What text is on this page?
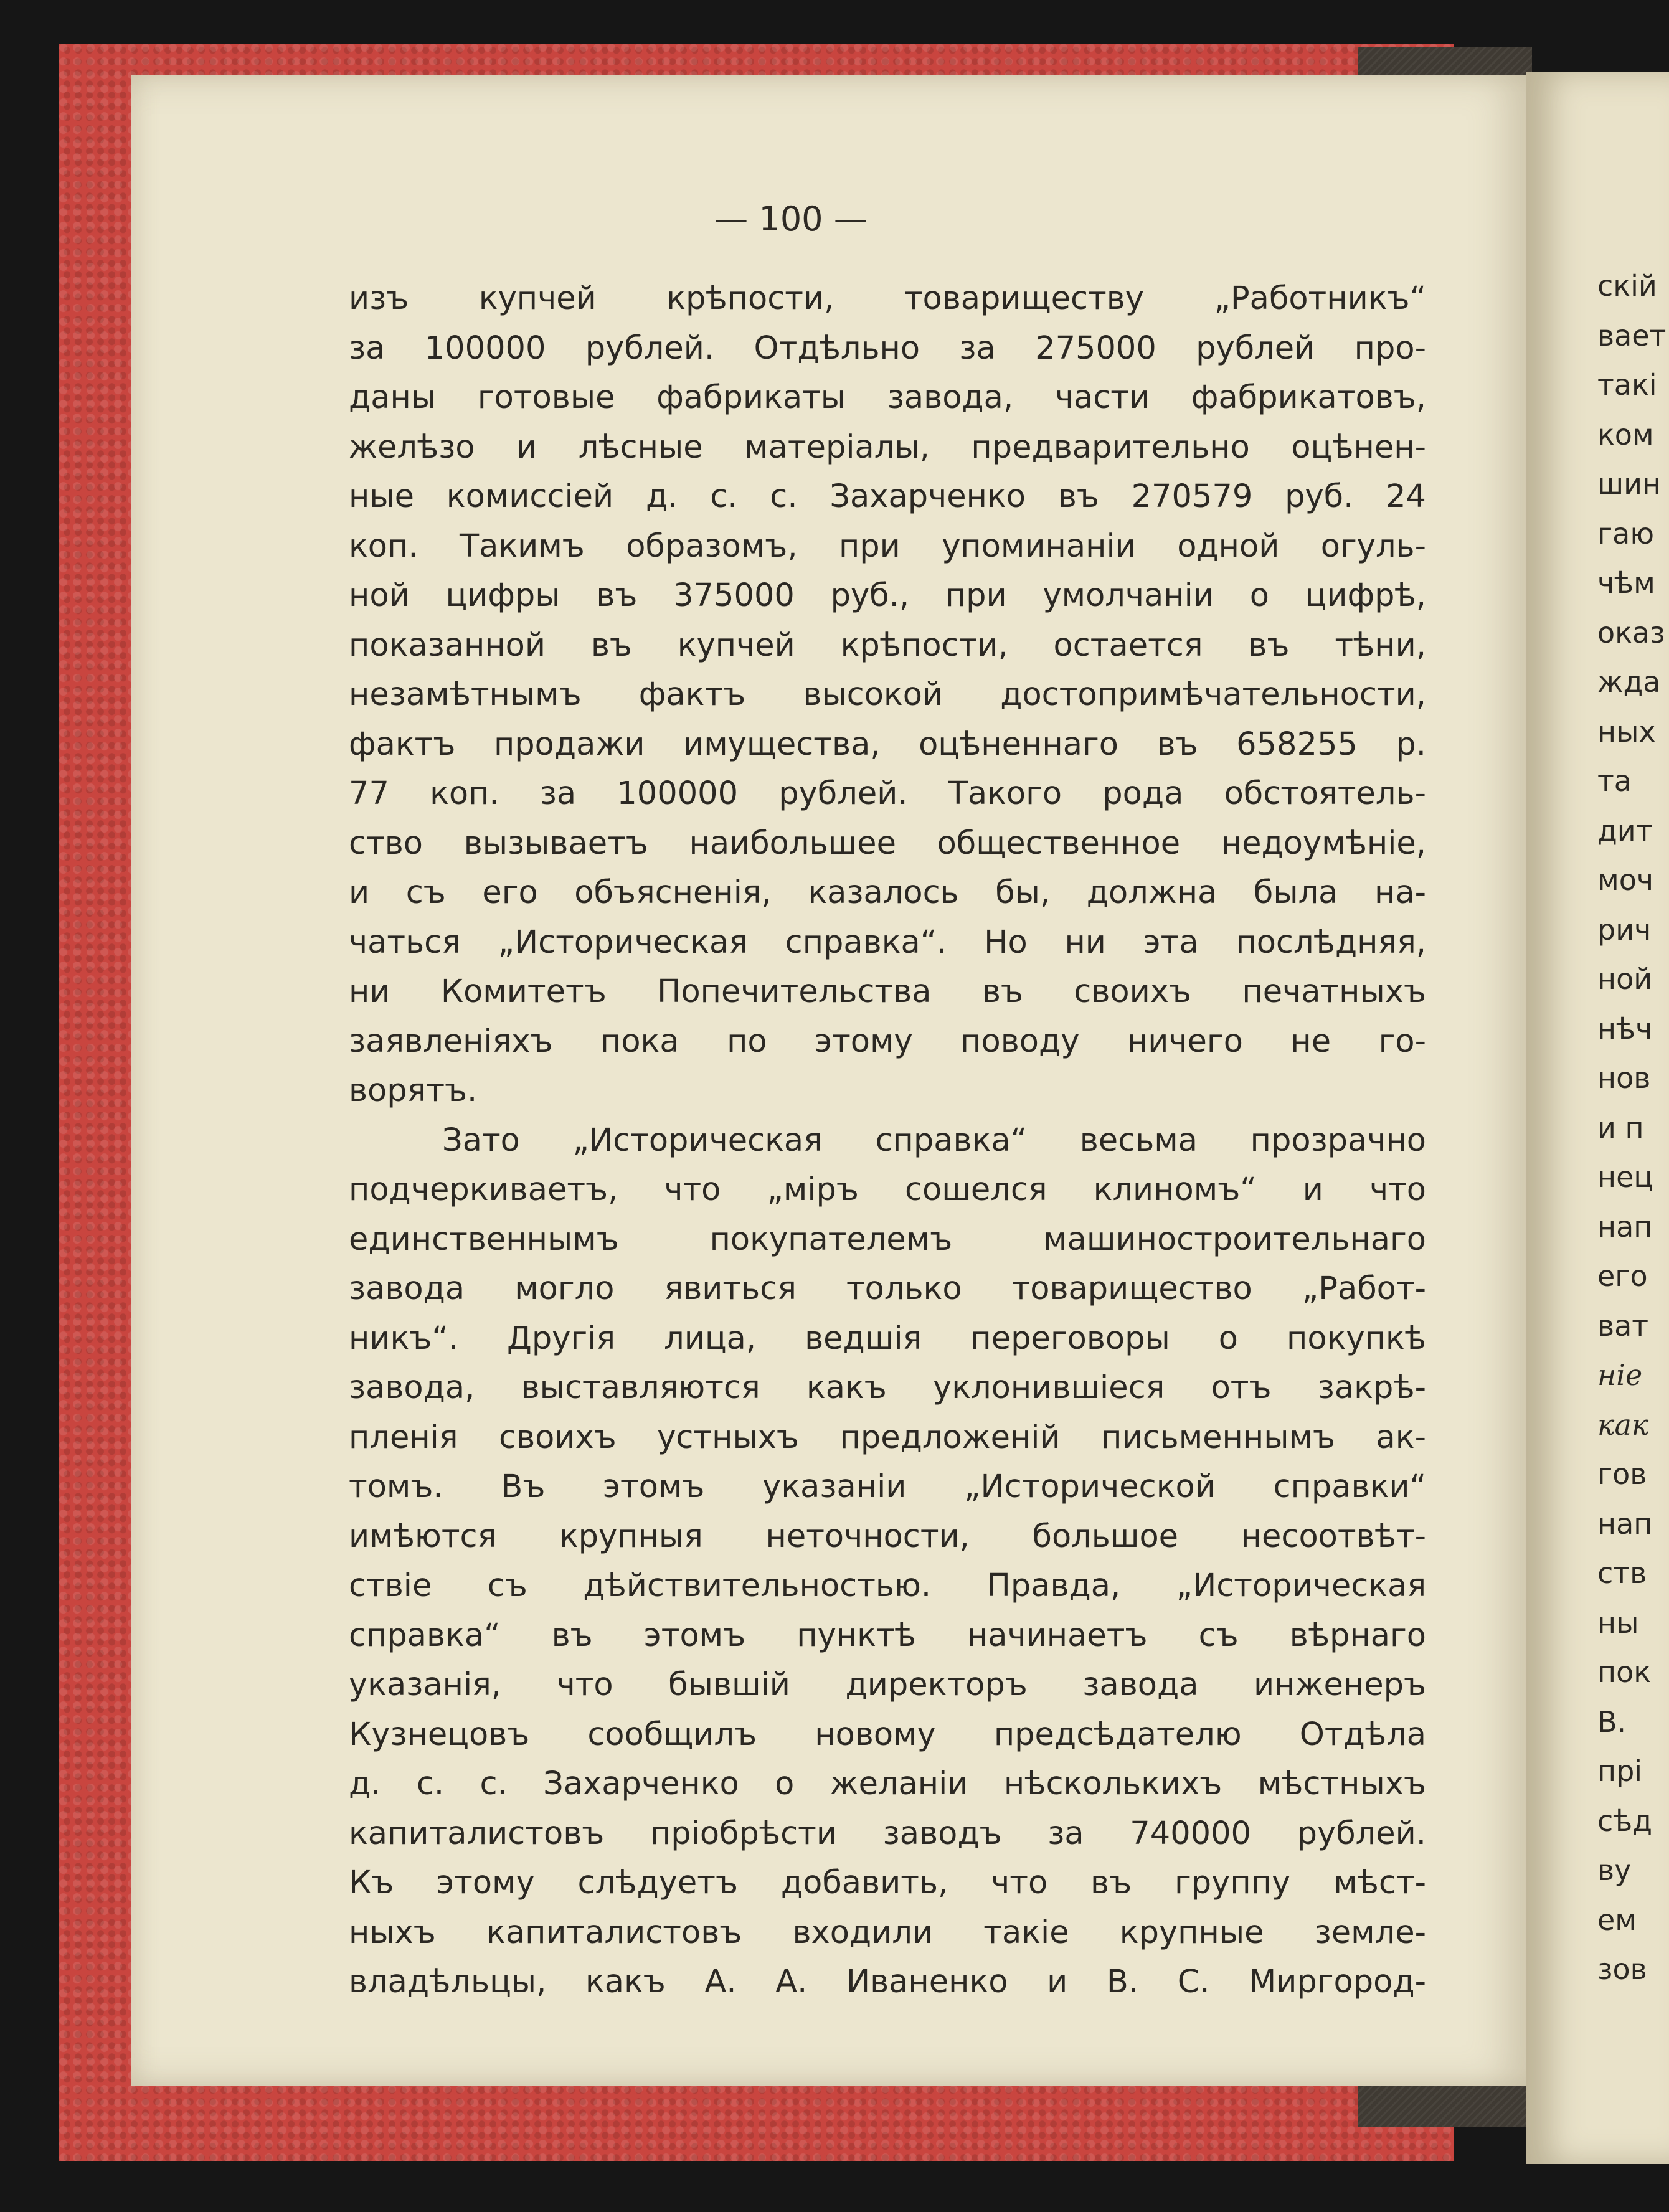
— 100 —
изъ купчей крѣпости, товариществу „Работникъ“
за 100000 рублей. Отдѣльно за 275000 рублей про-
даны готовые фабрикаты завода, части фабрикатовъ,
желѣзо и лѣсные матеріалы, предварительно оцѣнен-
ные комиссіей д. с. с. Захарченко въ 270579 руб. 24
коп. Такимъ образомъ, при упоминаніи одной огуль-
ной цифры въ 375000 руб., при умолчаніи о цифрѣ,
показанной въ купчей крѣпости, остается въ тѣни,
незамѣтнымъ фактъ высокой достопримѣчательности,
фактъ продажи имущества, оцѣненнаго въ 658255 р.
77 коп. за 100000 рублей. Такого рода обстоятель-
ство вызываетъ наибольшее общественное недоумѣніе,
и съ его объясненія, казалось бы, должна была на-
чаться „Историческая справка“. Но ни эта послѣдняя,
ни Комитетъ Попечительства въ своихъ печатныхъ
заявленіяхъ пока по этому поводу ничего не го-
ворятъ.
Зато „Историческая справка“ весьма прозрачно
подчеркиваетъ, что „міръ сошелся клиномъ“ и что
единственнымъ покупателемъ машиностроительнаго
завода могло явиться только товарищество „Работ-
никъ“. Другія лица, ведшія переговоры о покупкѣ
завода, выставляются какъ уклонившіеся отъ закрѣ-
пленія своихъ устныхъ предложеній письменнымъ ак-
томъ. Въ этомъ указаніи „Исторической справки“
имѣются крупныя неточности, большое несоотвѣт-
ствіе съ дѣйствительностью. Правда, „Историческая
справка“ въ этомъ пунктѣ начинаетъ съ вѣрнаго
указанія, что бывшій директоръ завода инженеръ
Кузнецовъ сообщилъ новому предсѣдателю Отдѣла
д. с. с. Захарченко о желаніи нѣсколькихъ мѣстныхъ
капиталистовъ пріобрѣсти заводъ за 740000 рублей.
Къ этому слѣдуетъ добавить, что въ группу мѣст-
ныхъ капиталистовъ входили такіе крупные земле-
владѣльцы, какъ А. А. Иваненко и В. С. Миргород-
скій
вает
такі
ком
шин
гаю
чѣм
оказ
жда
ных
та
дит
моч
рич
ной
нѣч
нов
и п
нец
нап
его
ват
ніе
как
гов
нап
ств
ны
пок
В.
прі
сѣд
ву
ем
зов
